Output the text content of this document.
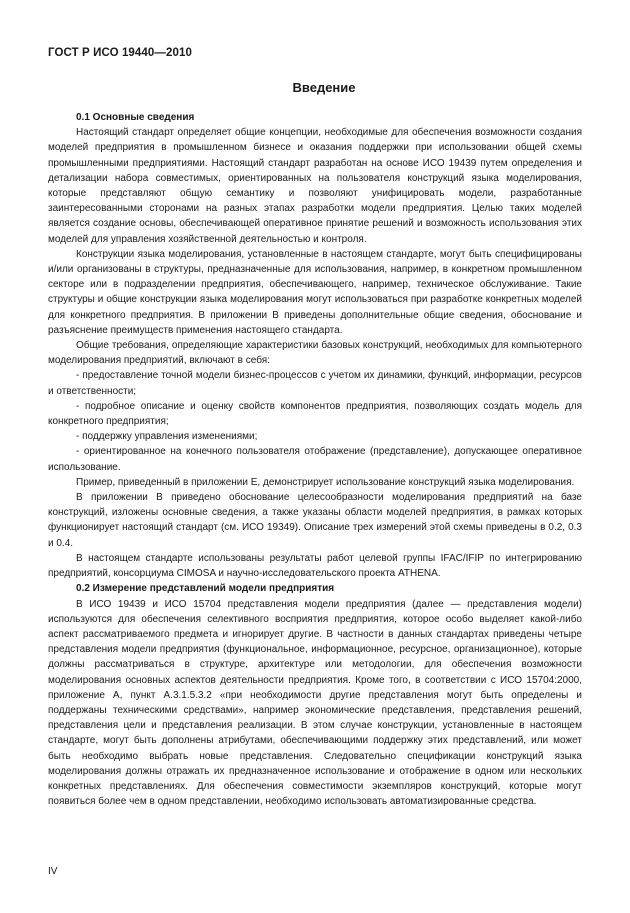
ГОСТ Р ИСО 19440—2010
Введение
0.1 Основные сведения

Настоящий стандарт определяет общие концепции, необходимые для обеспечения возможности создания моделей предприятия в промышленном бизнесе и оказания поддержки при использовании общей схемы промышленными предприятиями. Настоящий стандарт разработан на основе ИСО 19439 путем определения и детализации набора совместимых, ориентированных на пользователя конструкций языка моделирования, которые представляют общую семантику и позволяют унифицировать модели, разработанные заинтересованными сторонами на разных этапах разработки модели предприятия. Целью таких моделей является создание основы, обеспечивающей оперативное принятие решений и возможность использования этих моделей для управления хозяйственной деятельностью и контроля.

Конструкции языка моделирования, установленные в настоящем стандарте, могут быть специфицированы и/или организованы в структуры, предназначенные для использования, например, в конкретном промышленном секторе или в подразделении предприятия, обеспечивающего, например, техническое обслуживание. Такие структуры и общие конструкции языка моделирования могут использоваться при разработке конкретных моделей для конкретного предприятия. В приложении В приведены дополнительные общие сведения, обоснование и разъяснение преимуществ применения настоящего стандарта.

Общие требования, определяющие характеристики базовых конструкций, необходимых для компьютерного моделирования предприятий, включают в себя:

- предоставление точной модели бизнес-процессов с учетом их динамики, функций, информации, ресурсов и ответственности;

- подробное описание и оценку свойств компонентов предприятия, позволяющих создать модель для конкретного предприятия;

- поддержку управления изменениями;

- ориентированное на конечного пользователя отображение (представление), допускающее оперативное использование.

Пример, приведенный в приложении Е, демонстрирует использование конструкций языка моделирования.

В приложении В приведено обоснование целесообразности моделирования предприятий на базе конструкций, изложены основные сведения, а также указаны области моделей предприятия, в рамках которых функционирует настоящий стандарт (см. ИСО 19349). Описание трех измерений этой схемы приведены в 0.2, 0.3 и 0.4.

В настоящем стандарте использованы результаты работ целевой группы IFAC/IFIP по интегрированию предприятий, консорциума CIMOSA и научно-исследовательского проекта ATHENA.

0.2 Измерение представлений модели предприятия

В ИСО 19439 и ИСО 15704 представления модели предприятия (далее — представления модели) используются для обеспечения селективного восприятия предприятия, которое особо выделяет какой-либо аспект рассматриваемого предмета и игнорирует другие. В частности в данных стандартах приведены четыре представления модели предприятия (функциональное, информационное, ресурсное, организационное), которые должны рассматриваться в структуре, архитектуре или методологии, для обеспечения возможности моделирования основных аспектов деятельности предприятия. Кроме того, в соответствии с ИСО 15704:2000, приложение А, пункт А.3.1.5.3.2 «при необходимости другие представления могут быть определены и поддержаны техническими средствами», например экономические представления, представления решений, представления цели и представления реализации. В этом случае конструкции, установленные в настоящем стандарте, могут быть дополнены атрибутами, обеспечивающими поддержку этих представлений, или может быть необходимо выбрать новые представления. Следовательно спецификации конструкций языка моделирования должны отражать их предназначенное использование и отображение в одном или нескольких конкретных представлениях. Для обеспечения совместимости экземпляров конструкций, которые могут появиться более чем в одном представлении, необходимо использовать автоматизированные средства.

IV
